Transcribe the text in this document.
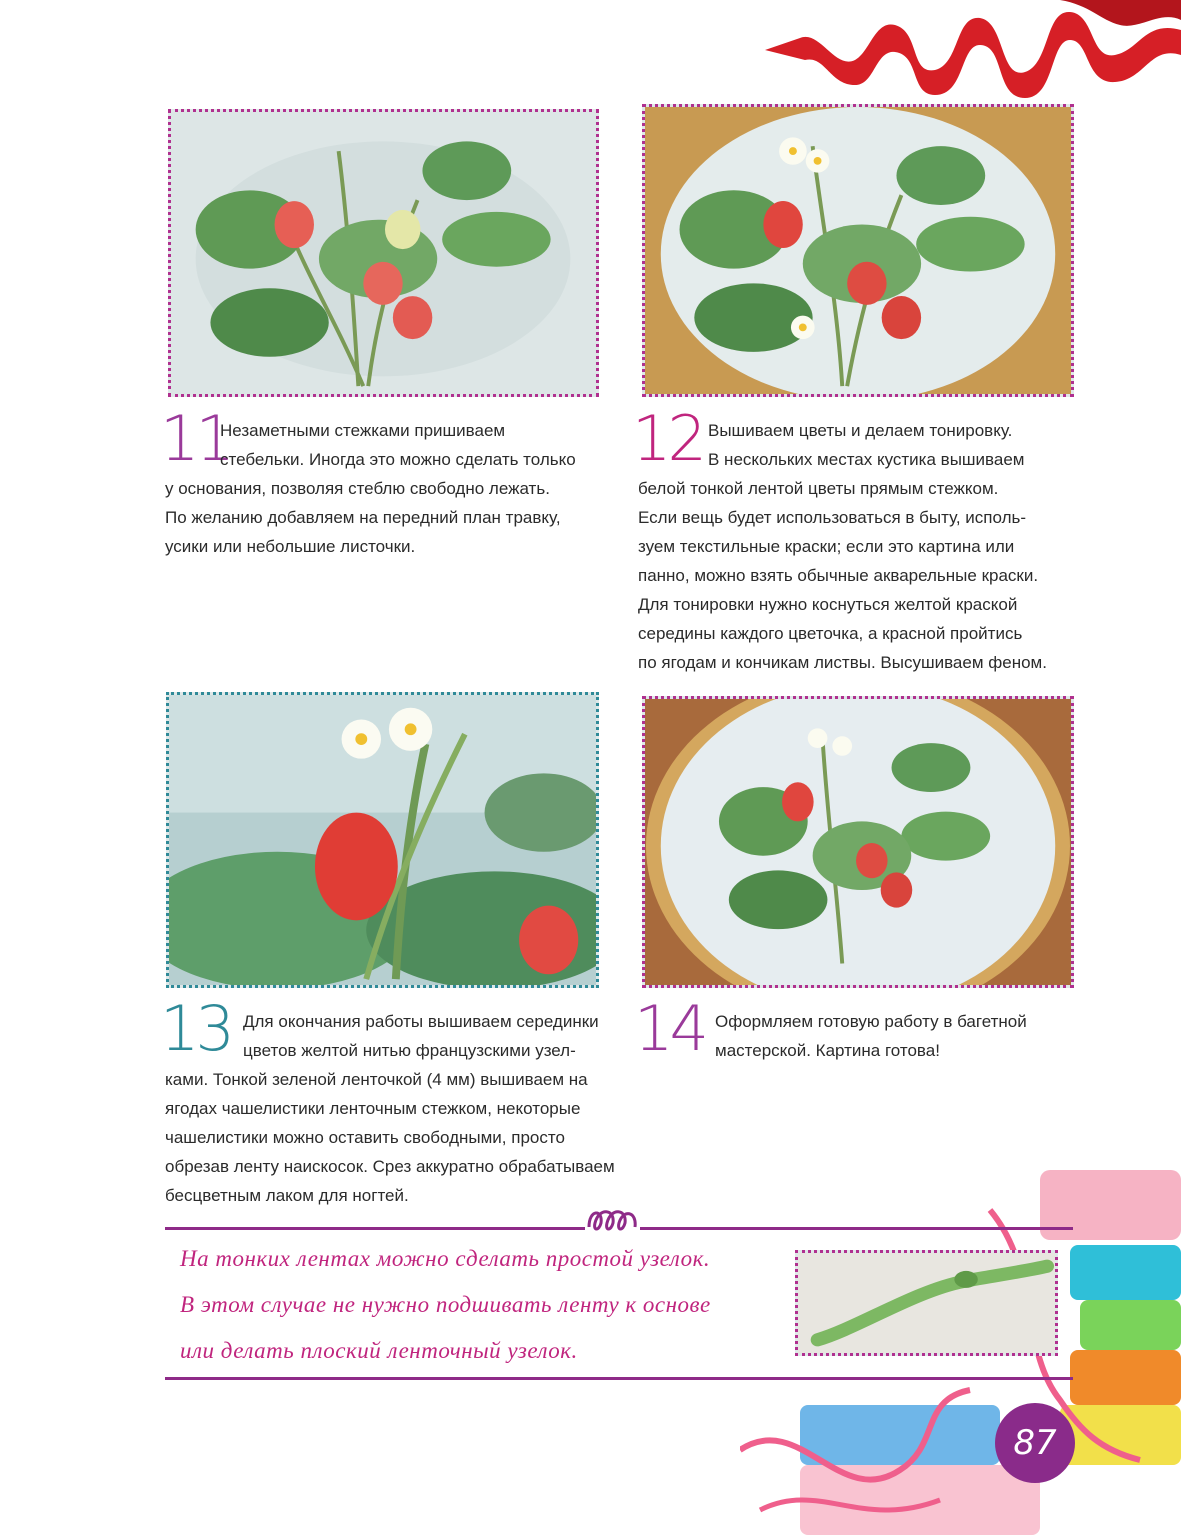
11

Незаметными стежками пришиваем

стебельки. Иногда это можно сделать только

у основания, позволяя стеблю свободно лежать.

По желанию добавляем на передний план травку,

усики или небольшие листочки.

12 Вышиваем цветы и делаем тонировку.

В нескольких местах кустика вышиваем

белой тонкой лентой цветы прямым стежком.

Если вещь будет использоваться в быту, исполь-

зуем текстильные краски; если это картина или

панно, можно взять обычные акварельные краски.

Для тонировки нужно коснуться желтой краской

середины каждого цветочка, а красной пройтись

по ягодам и кончикам листвы. Высушиваем феном.

13 Для окончания работы вышиваем серединки

цветов желтой нитью французскими узел-

ками. Тонкой зеленой ленточкой (4 мм) вышиваем на

ягодах чашелистики ленточным стежком, некоторые

чашелистики можно оставить свободными, просто

обрезав ленту наискосок. Срез аккуратно обрабатываем

бесцветным лаком для ногтей.

14 Оформляем готовую работу в багетной

мастерской. Картина готова!

На тонких лентах можно сделать простой узелок.
В этом случае не нужно подшивать ленту к основе
или делать плоский ленточный узелок.
87
